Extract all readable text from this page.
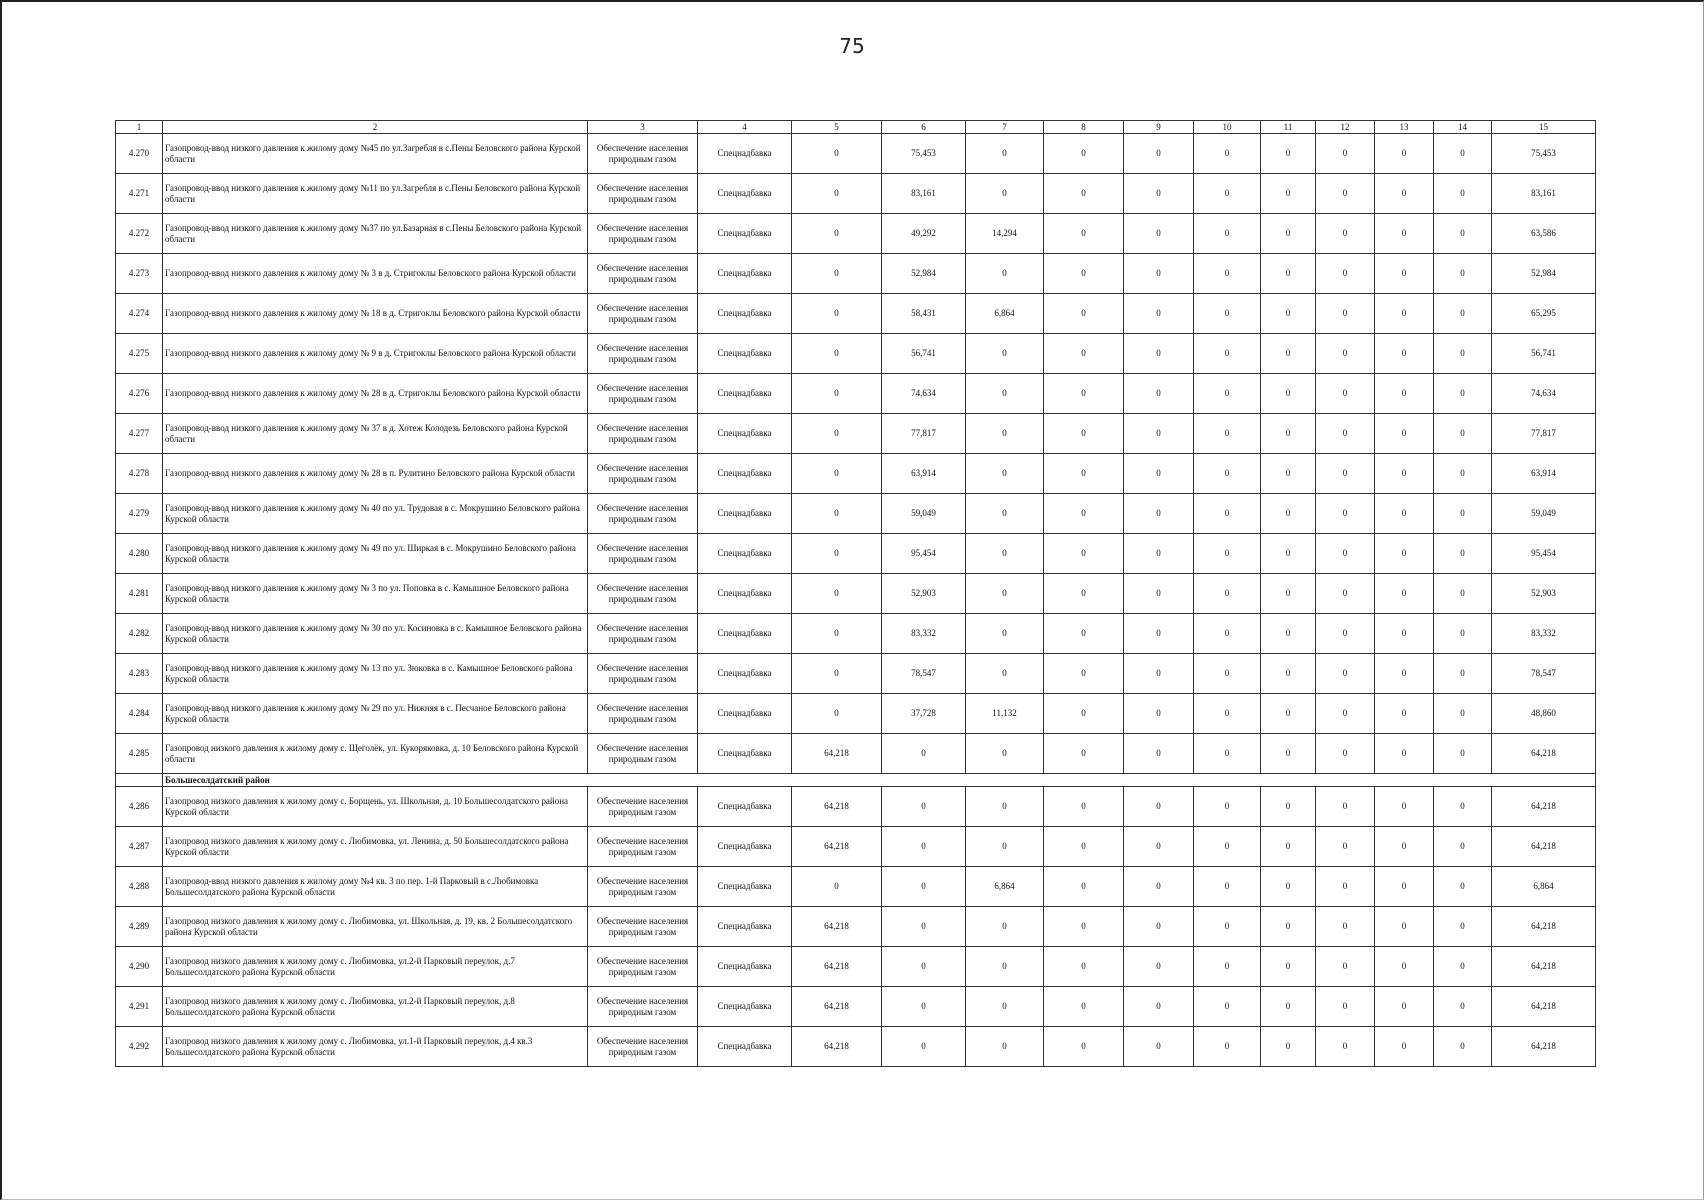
75
1	2	3	4	5	6	7	8	9	10	11	12	13	14	15
4.270	Газопровод-ввод низкого давления к жилому дому №45 по ул.Загребля в с.Пены Беловского района Курской области	Обеспечение населения природным газом	Спецнадбавка	0	75,453	0	0	0	0	0	0	0	0	75,453
4.271	Газопровод-ввод низкого давления к жилому дому №11 по ул.Загребля в с.Пены Беловского района Курской области	Обеспечение населения природным газом	Спецнадбавка	0	83,161	0	0	0	0	0	0	0	0	83,161
4.272	Газопровод-ввод низкого давления к жилому дому №37 по ул.Базарная в с.Пены Беловского района Курской области	Обеспечение населения природным газом	Спецнадбавка	0	49,292	14,294	0	0	0	0	0	0	0	63,586
4.273	Газопровод-ввод низкого давления к жилому дому № 3 в д. Стригоклы Беловского района Курской области	Обеспечение населения природным газом	Спецнадбавка	0	52,984	0	0	0	0	0	0	0	0	52,984
4.274	Газопровод-ввод низкого давления к жилому дому № 18 в д. Стригоклы Беловского района Курской области	Обеспечение населения природным газом	Спецнадбавка	0	58,431	6,864	0	0	0	0	0	0	0	65,295
4.275	Газопровод-ввод низкого давления к жилому дому № 9 в д. Стригоклы Беловского района Курской области	Обеспечение населения природным газом	Спецнадбавка	0	56,741	0	0	0	0	0	0	0	0	56,741
4.276	Газопровод-ввод низкого давления к жилому дому № 28 в д. Стригоклы Беловского района Курской области	Обеспечение населения природным газом	Спецнадбавка	0	74,634	0	0	0	0	0	0	0	0	74,634
4.277	Газопровод-ввод низкого давления к жилому дому № 37 в д. Хотеж Колодезь Беловского района Курской области	Обеспечение населения природным газом	Спецнадбавка	0	77,817	0	0	0	0	0	0	0	0	77,817
4.278	Газопровод-ввод низкого давления к жилому дому № 28 в п. Рулитино Беловского района Курской области	Обеспечение населения природным газом	Спецнадбавка	0	63,914	0	0	0	0	0	0	0	0	63,914
4.279	Газопровод-ввод низкого давления к жилому дому № 40 по ул. Трудовая в с. Мокрушино Беловского района Курской области	Обеспечение населения природным газом	Спецнадбавка	0	59,049	0	0	0	0	0	0	0	0	59,049
4.280	Газопровод-ввод низкого давления к жилому дому № 49 по ул. Ширкая в с. Мокрушино Беловского района Курской области	Обеспечение населения природным газом	Спецнадбавка	0	95,454	0	0	0	0	0	0	0	0	95,454
4.281	Газопровод-ввод низкого давления к жилому дому № 3 по ул. Поповка в с. Камышное Беловского района Курской области	Обеспечение населения природным газом	Спецнадбавка	0	52,903	0	0	0	0	0	0	0	0	52,903
4.282	Газопровод-ввод низкого давления к жилому дому № 30 по ул. Косиновка в с. Камышное Беловского района Курской области	Обеспечение населения природным газом	Спецнадбавка	0	83,332	0	0	0	0	0	0	0	0	83,332
4.283	Газопровод-ввод низкого давления к жилому дому № 13 по ул. Зюковка в с. Камышное Беловского района Курской области	Обеспечение населения природным газом	Спецнадбавка	0	78,547	0	0	0	0	0	0	0	0	78,547
4.284	Газопровод-ввод низкого давления к жилому дому № 29 по ул. Нижняя в с. Песчаное Беловского района Курской области	Обеспечение населения природным газом	Спецнадбавка	0	37,728	11,132	0	0	0	0	0	0	0	48,860
4.285	Газопровод низкого давления к жилому дому с. Щеголёк, ул. Кукоряковка, д. 10 Беловского района Курской области	Обеспечение населения природным газом	Спецнадбавка	64,218	0	0	0	0	0	0	0	0	0	64,218
	Большесолдатский район													
4.286	Газопровод низкого давления к жилому дому с. Борщень, ул. Школьная, д. 10 Большесолдатского района Курской области	Обеспечение населения природным газом	Спецнадбавка	64,218	0	0	0	0	0	0	0	0	0	64,218
4.287	Газопровод низкого давления к жилому дому с. Любимовка, ул. Ленина, д. 50 Большесолдатского района Курской области	Обеспечение населения природным газом	Спецнадбавка	64,218	0	0	0	0	0	0	0	0	0	64,218
4.288	Газопровод-ввод низкого давления к жилому дому №4 кв. 3 по пер. 1-й Парковый в с.Любимовка Большесолдатского района Курской области	Обеспечение населения природным газом	Спецнадбавка	0	0	6,864	0	0	0	0	0	0	0	6,864
4.289	Газопровод низкого давления к жилому дому с. Любимовка, ул. Школьная, д. 19, кв. 2 Большесолдатского района Курской области	Обеспечение населения природным газом	Спецнадбавка	64,218	0	0	0	0	0	0	0	0	0	64,218
4.290	Газопровод низкого давления к жилому дому с. Любимовка, ул.2-й Парковый переулок, д.7 Большесолдатского района Курской области	Обеспечение населения природным газом	Спецнадбавка	64,218	0	0	0	0	0	0	0	0	0	64,218
4.291	Газопровод низкого давления к жилому дому с. Любимовка, ул.2-й Парковый переулок, д.8 Большесолдатского района Курской области	Обеспечение населения природным газом	Спецнадбавка	64,218	0	0	0	0	0	0	0	0	0	64,218
4.292	Газопровод низкого давления к жилому дому с. Любимовка, ул.1-й Парковый переулок, д.4 кв.3 Большесолдатского района Курской области	Обеспечение населения природным газом	Спецнадбавка	64,218	0	0	0	0	0	0	0	0	0	64,218
